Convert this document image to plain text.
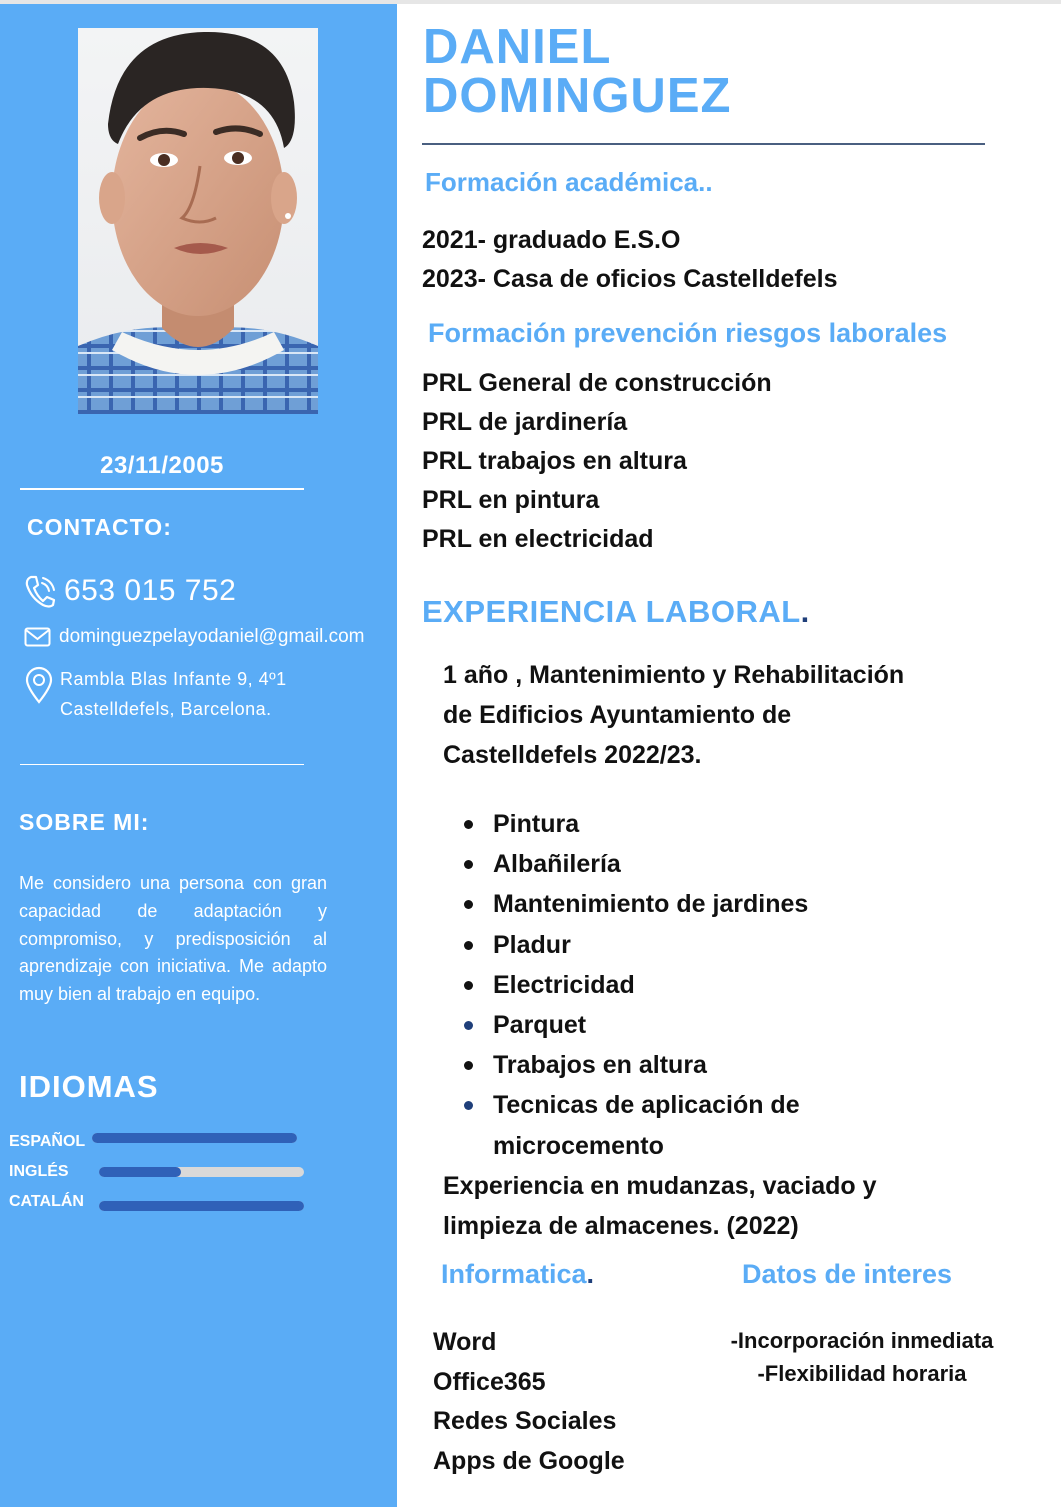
23/11/2005
CONTACTO:
653 015 752
dominguezpelayodaniel@gmail.com
Rambla Blas Infante 9, 4º1
Castelldefels, Barcelona.
SOBRE MI:
Me considero una persona con gran capacidad de adaptación y compromiso, y predisposición al aprendizaje con iniciativa. Me adapto muy bien al trabajo en equipo.
IDIOMAS
ESPAÑOL
INGLÉS
CATALÁN
DANIEL
DOMINGUEZ
Formación académica..
2021- graduado E.S.O
2023- Casa de oficios Castelldefels
Formación prevención riesgos laborales
PRL General de construcción
PRL de jardinería
PRL trabajos en altura
PRL en pintura
PRL en electricidad
EXPERIENCIA LABORAL.
1 año , Mantenimiento y Rehabilitación
de Edificios Ayuntamiento de
Castelldefels 2022/23.
Pintura
Albañilería
Mantenimiento de jardines
Pladur
Electricidad
Parquet
Trabajos en altura
Tecnicas de aplicación de
microcemento
Experiencia en mudanzas, vaciado y
limpieza de almacenes. (2022)
Informatica.	Datos de interes
Word
Office365
Redes Sociales
Apps de Google
-Incorporación inmediata
-Flexibilidad horaria
